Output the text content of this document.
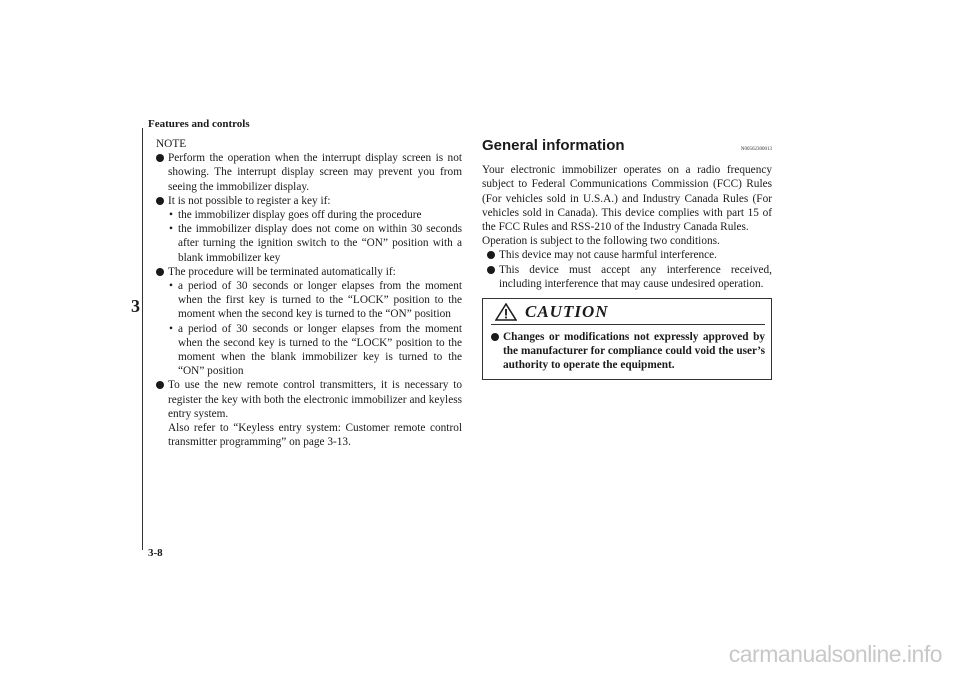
Features and controls
3
3-8

NOTE

Perform the operation when the interrupt display screen is not showing. The interrupt display screen may prevent you from seeing the immobilizer display.

It is not possible to register a key if:

• the immobilizer display goes off during the procedure

• the immobilizer display does not come on within 30 seconds after turning the ignition switch to the “ON” position with a blank immobilizer key

The procedure will be terminated automatically if:

• a period of 30 seconds or longer elapses from the moment when the first key is turned to the “LOCK” position to the moment when the second key is turned to the “ON” position

• a period of 30 seconds or longer elapses from the moment when the second key is turned to the “LOCK” position to the moment when the blank immobilizer key is turned to the “ON” position

To use the new remote control transmitters, it is necessary to register the key with both the electronic immobilizer and keyless entry system.

Also refer to “Keyless entry system: Customer remote control transmitter programming” on page 3-13.

General information	N00562300013

Your electronic immobilizer operates on a radio frequency subject to Federal Communications Commission (FCC) Rules (For vehicles sold in U.S.A.) and Industry Canada Rules (For vehicles sold in Canada). This device complies with part 15 of the FCC Rules and RSS-210 of the Industry Canada Rules.

Operation is subject to the following two conditions.

This device may not cause harmful interference.

This device must accept any interference received, including interference that may cause undesired operation.

CAUTION

Changes or modifications not expressly approved by the manufacturer for compliance could void the user’s authority to operate the equipment.

carmanualsonline.info
